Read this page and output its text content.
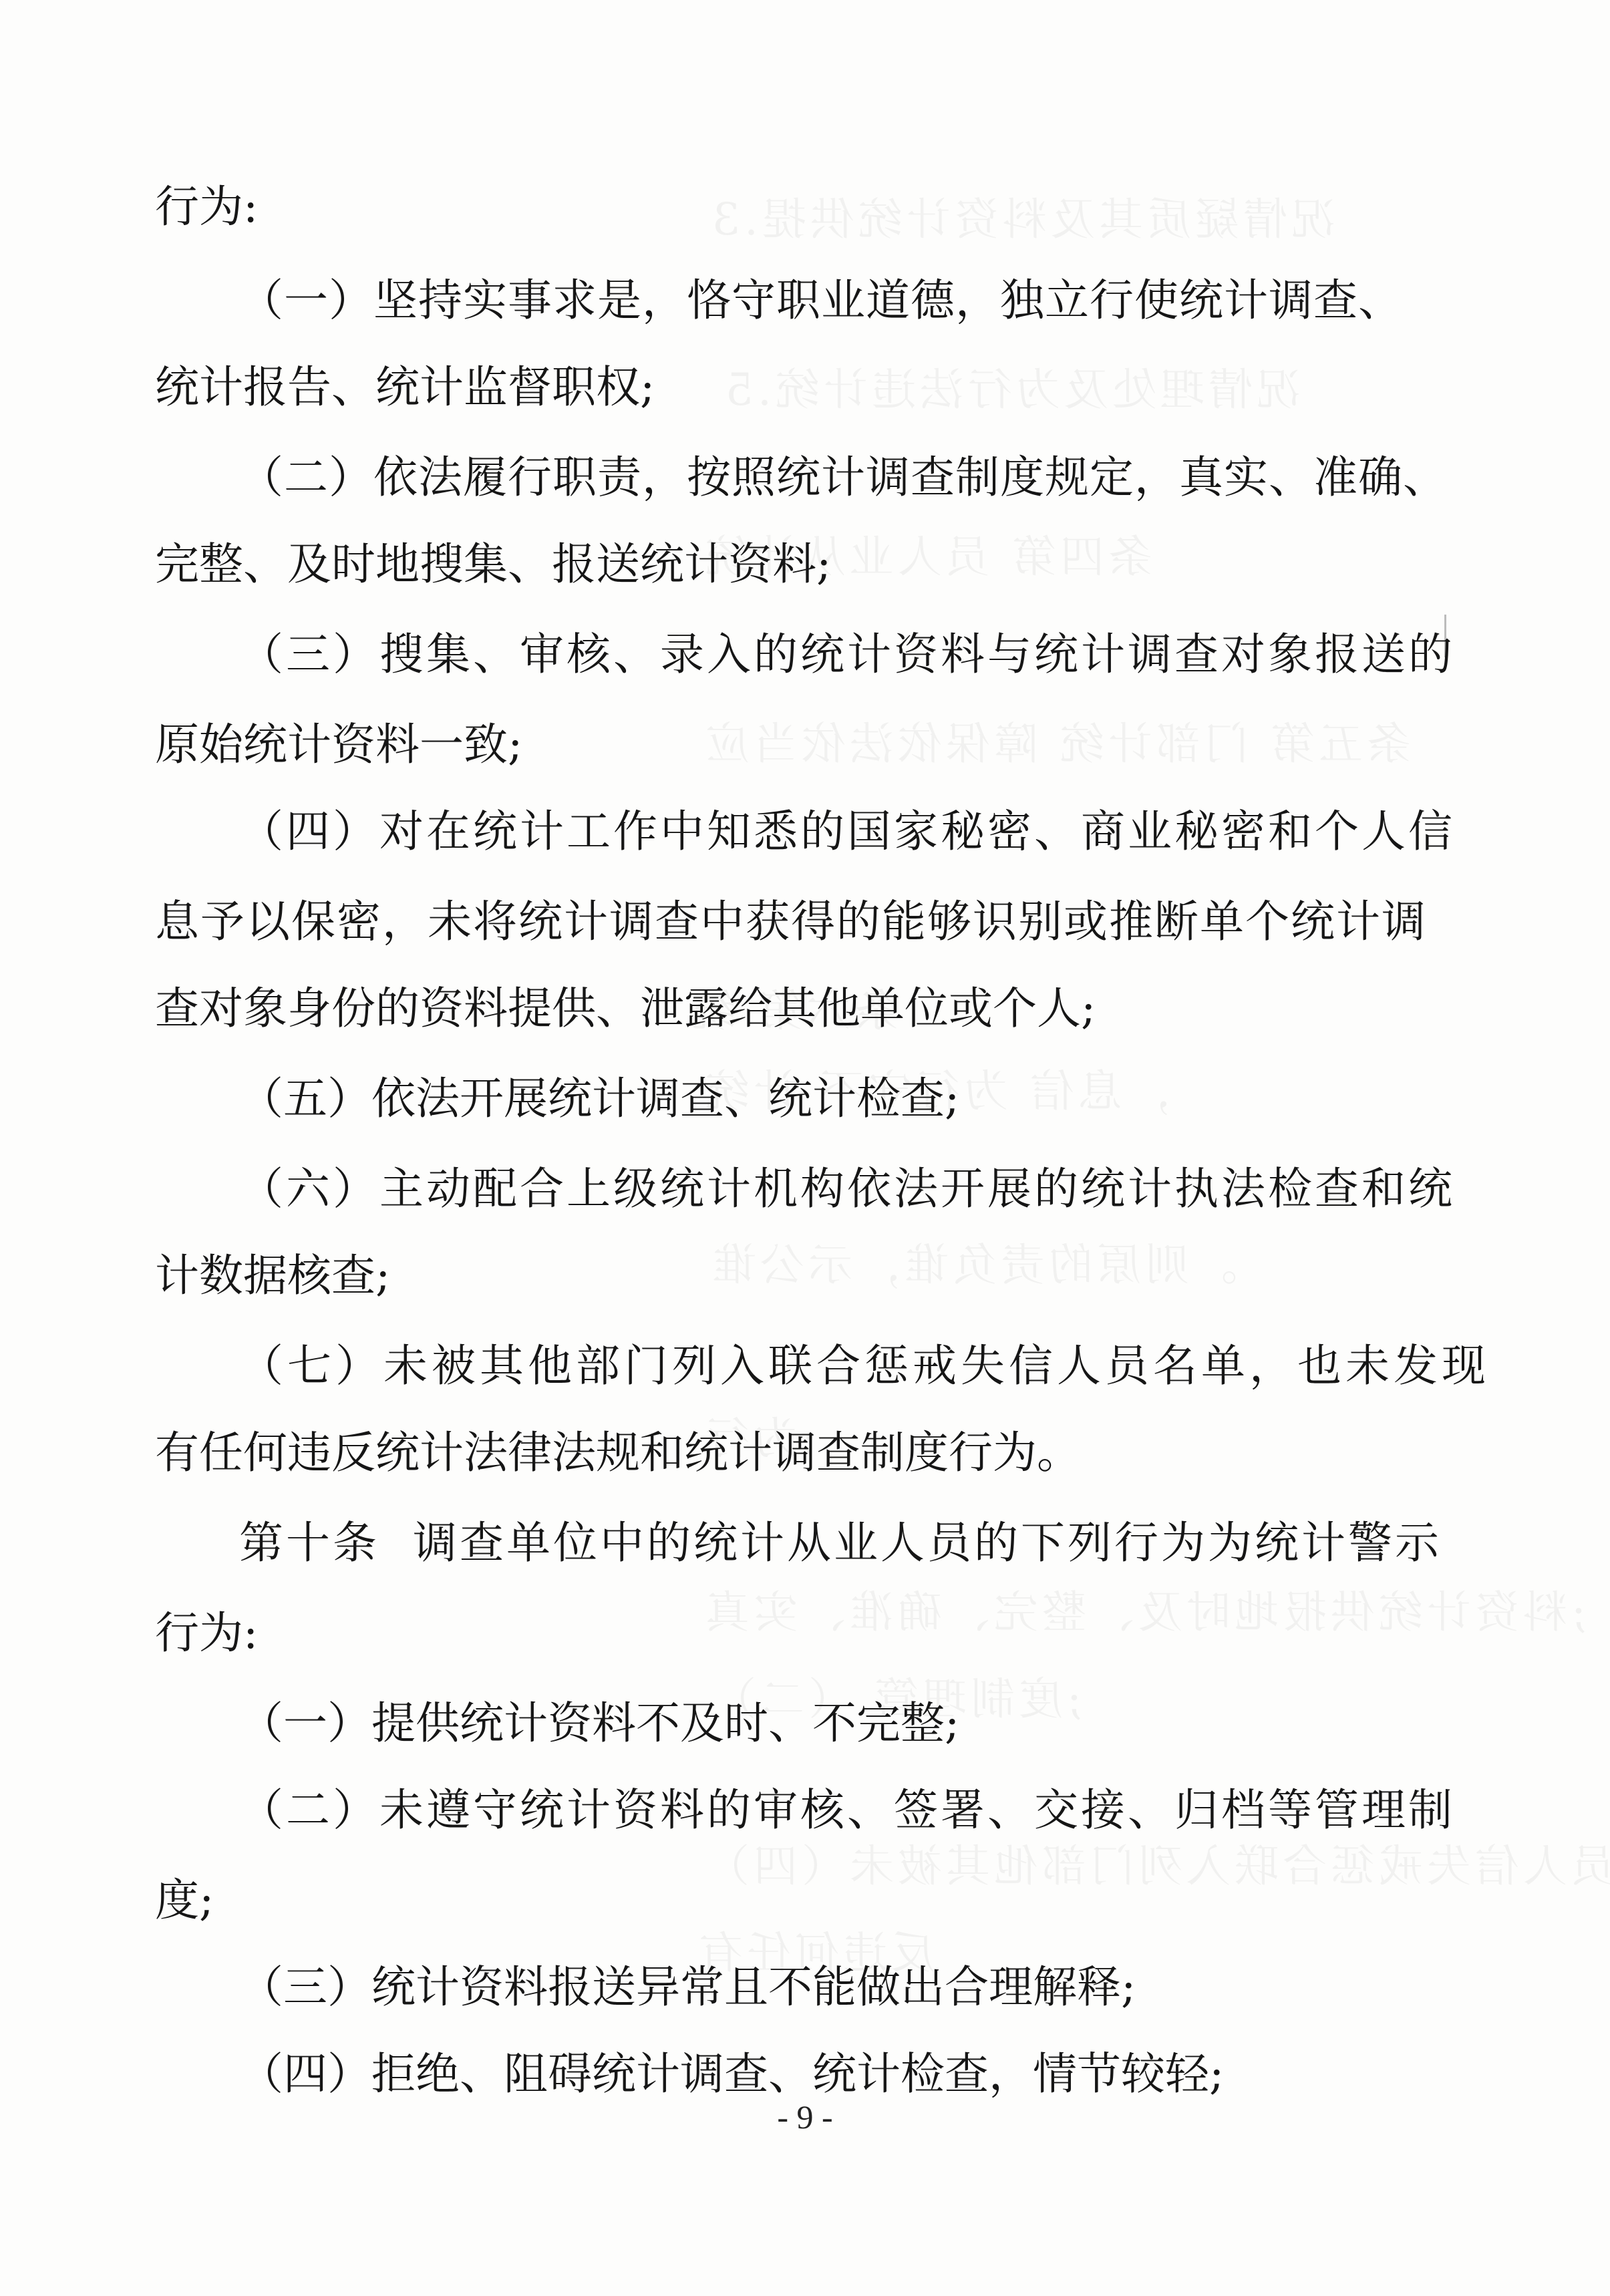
行为:
（一）坚持实事求是，恪守职业道德，独立行使统计调查、
统计报告、统计监督职权;
（二）依法履行职责，按照统计调查制度规定，真实、准确、
完整、及时地搜集、报送统计资料;
（三）搜集、审核、录入的统计资料与统计调查对象报送的
原始统计资料一致;
（四）对在统计工作中知悉的国家秘密、商业秘密和个人信
息予以保密，未将统计调查中获得的能够识别或推断单个统计调
查对象身份的资料提供、泄露给其他单位或个人;
（五）依法开展统计调查、统计检查;
（六）主动配合上级统计机构依法开展的统计执法检查和统
计数据核查;
（七）未被其他部门列入联合惩戒失信人员名单，也未发现
有任何违反统计法律法规和统计调查制度行为。
第十条  调查单位中的统计从业人员的下列行为为统计警示
行为:
（一）提供统计资料不及时、不完整;
（二）未遵守统计资料的审核、签署、交接、归档等管理制
度;
（三）统计资料报送异常且不能做出合理解释;
（四）拒绝、阻碍统计调查、统计检查，情节较轻;
- 9 -
